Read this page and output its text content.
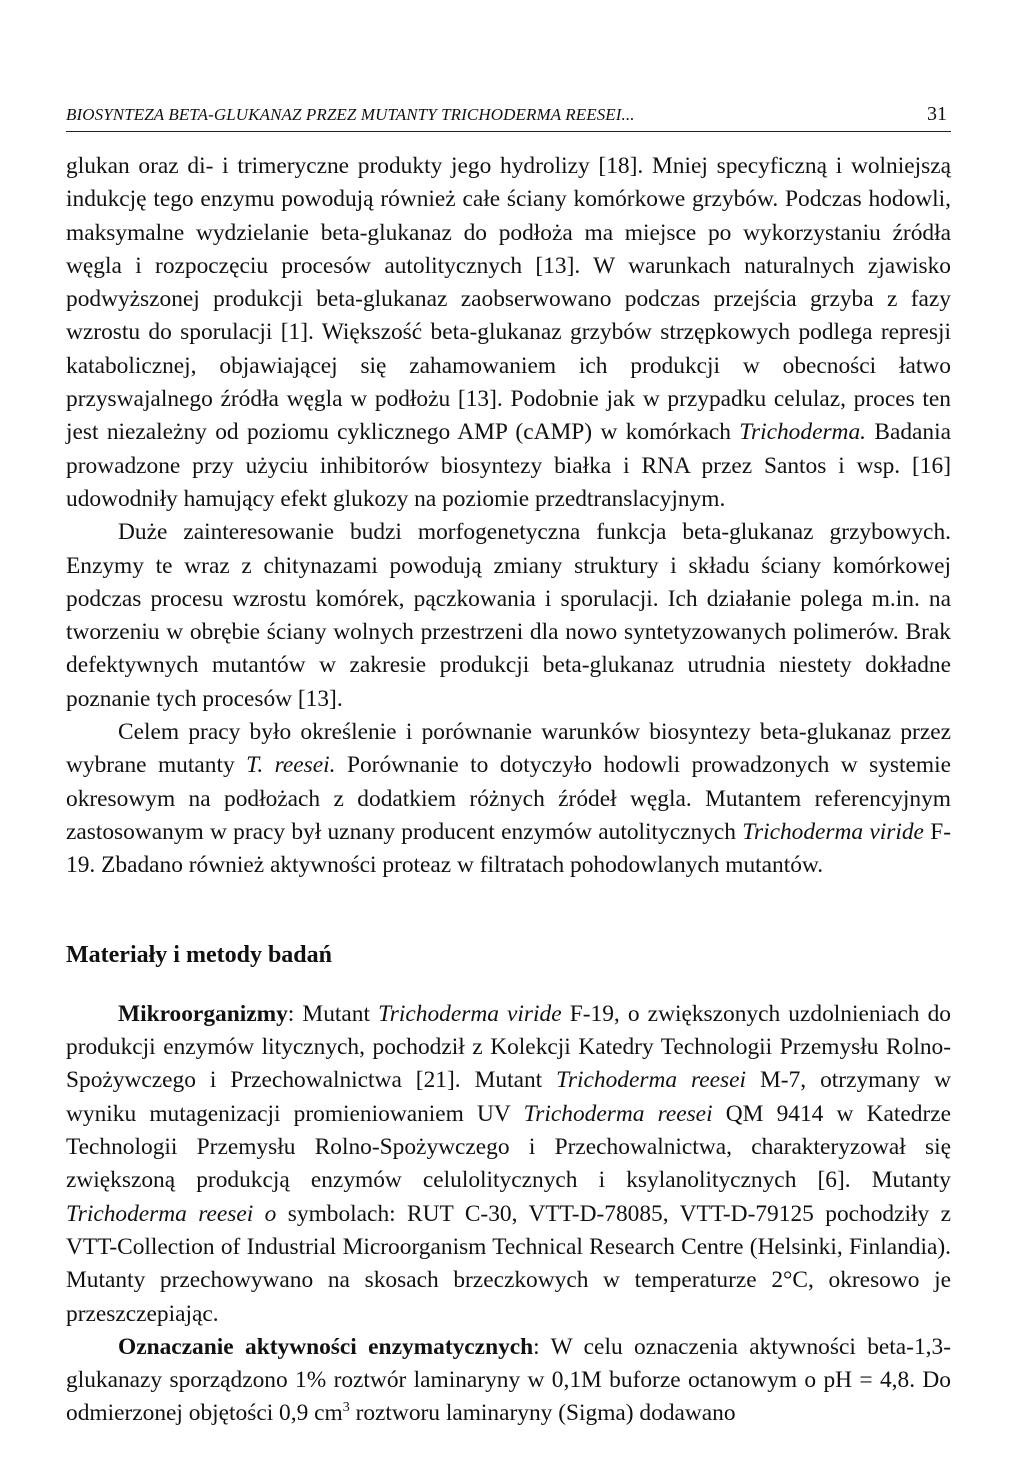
BIOSYNTEZA BETA-GLUKANAZ PRZEZ MUTANTY TRICHODERMA REESEI...	31

glukan oraz di- i trimeryczne produkty jego hydrolizy [18]. Mniej specyficzną i wolniejszą indukcję tego enzymu powodują również całe ściany komórkowe grzybów. Podczas hodowli, maksymalne wydzielanie beta-glukanaz do podłoża ma miejsce po wykorzystaniu źródła węgla i rozpoczęciu procesów autolitycznych [13]. W warunkach naturalnych zjawisko podwyższonej produkcji beta-glukanaz zaobserwowano podczas przejścia grzyba z fazy wzrostu do sporulacji [1]. Większość beta-glukanaz grzybów strzępkowych podlega represji katabolicznej, objawiającej się zahamowaniem ich produkcji w obecności łatwo przyswajalnego źródła węgla w podłożu [13]. Podobnie jak w przypadku celulaz, proces ten jest niezależny od poziomu cyklicznego AMP (cAMP) w komórkach Trichoderma. Badania prowadzone przy użyciu inhibitorów biosyntezy białka i RNA przez Santos i wsp. [16] udowodniły hamujący efekt glukozy na poziomie przedtranslacyjnym.

Duże zainteresowanie budzi morfogenetyczna funkcja beta-glukanaz grzybowych. Enzymy te wraz z chitynazami powodują zmiany struktury i składu ściany komórkowej podczas procesu wzrostu komórek, pączkowania i sporulacji. Ich działanie polega m.in. na tworzeniu w obrębie ściany wolnych przestrzeni dla nowo syntetyzowanych polimerów. Brak defektywnych mutantów w zakresie produkcji beta-glukanaz utrudnia niestety dokładne poznanie tych procesów [13].

Celem pracy było określenie i porównanie warunków biosyntezy beta-glukanaz przez wybrane mutanty T. reesei. Porównanie to dotyczyło hodowli prowadzonych w systemie okresowym na podłożach z dodatkiem różnych źródeł węgla. Mutantem referencyjnym zastosowanym w pracy był uznany producent enzymów autolitycznych Trichoderma viride F-19. Zbadano również aktywności proteaz w filtratach pohodowlanych mutantów.

Materiały i metody badań

Mikroorganizmy: Mutant Trichoderma viride F-19, o zwiększonych uzdolnieniach do produkcji enzymów litycznych, pochodził z Kolekcji Katedry Technologii Przemysłu Rolno-Spożywczego i Przechowalnictwa [21]. Mutant Trichoderma reesei M-7, otrzymany w wyniku mutagenizacji promieniowaniem UV Trichoderma reesei QM 9414 w Katedrze Technologii Przemysłu Rolno-Spożywczego i Przechowalnictwa, charakteryzował się zwiększoną produkcją enzymów celulolitycznych i ksylanolitycznych [6]. Mutanty Trichoderma reesei o symbolach: RUT C-30, VTT-D-78085, VTT-D-79125 pochodziły z VTT-Collection of Industrial Microorganism Technical Research Centre (Helsinki, Finlandia). Mutanty przechowywano na skosach brzeczkowych w temperaturze 2°C, okresowo je przeszczepiając.

Oznaczanie aktywności enzymatycznych: W celu oznaczenia aktywności beta-1,3-glukanazy sporządzono 1% roztwór laminaryny w 0,1M buforze octanowym o pH = 4,8. Do odmierzonej objętości 0,9 $cm^3$ roztworu laminaryny (Sigma) dodawano
